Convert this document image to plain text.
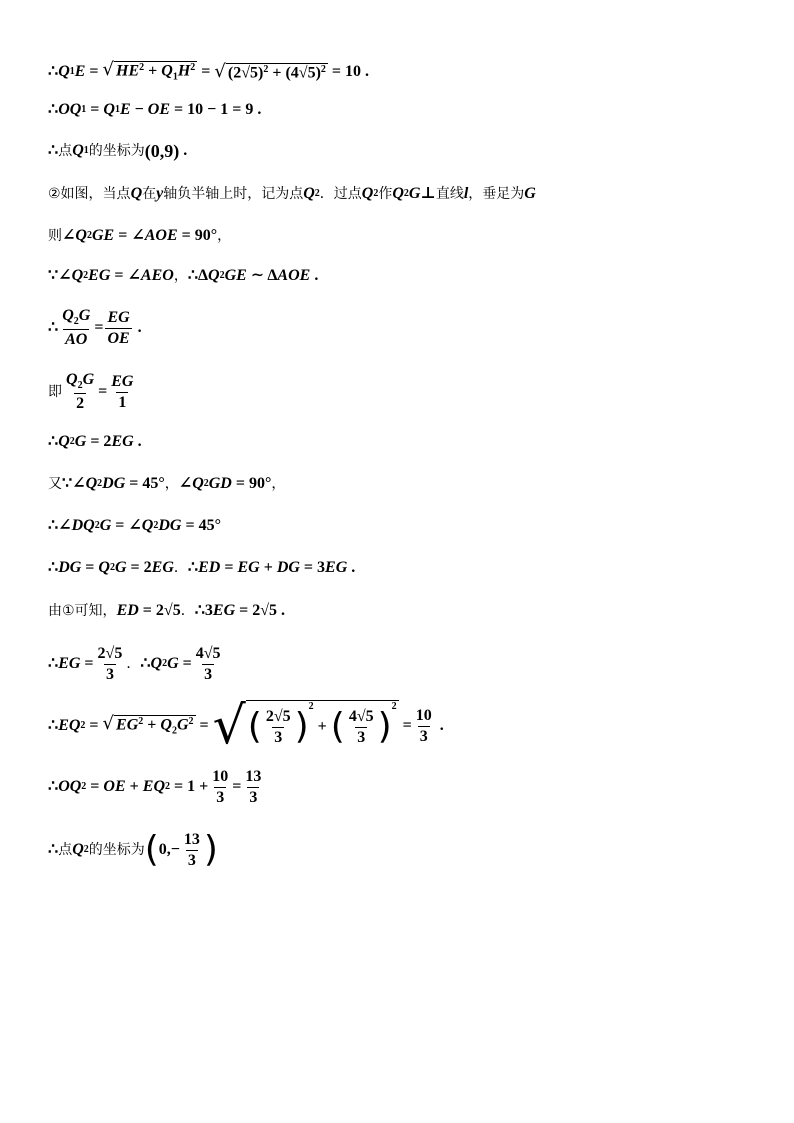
∴ Q 1 E = √ $HE^2 + Q_1H^2$ = √ $(2√5)^2 + (4√5)^2 = 10$ .
∴ OQ 1 = Q 1 E − OE = 10 − 1 = 9 .
∴ 点 Q 1 的坐标为 (0,9) .
②如图，当点 Q 在 y 轴负半轴上时，记为点 Q 2 ．过点 Q 2 作 Q 2 G ⊥ 直线 l ，垂足为 G
则 ∠ Q 2 GE = ∠ AOE = 90° ，
∵∠ Q 2 EG = ∠ AEO ， ∴Δ Q 2 GE ∼ Δ AOE .
∴ $\frac{Q_2G}{AO} = \frac{EG}{OE}$ .
即 $\frac{Q_2G}{2} = \frac{EG}{1}$
∴ Q 2 G = 2 EG .
又 ∵∠ Q 2 DG = 45° ， ∠ Q 2 GD = 90° ，
∴∠ DQ 2 G = ∠ Q 2 DG = 45°
∴ DG = Q 2 G = 2 EG ． ∴ ED = EG + DG = 3 EG .
由①可知， ED = 2√5 ． ∴3 EG = 2√5 .
∴ EG = $\frac{2√5}{3}$ ． ∴ Q 2 $G = \frac{4√5}{3}$
∴ EQ 2 = √ $EG^2 + Q_2G^2$ = √ ( $\frac{2√5}{3} )^2$
+ ( $\frac{4√5}{3} )^2$
= $\frac{10}{3}$ .
∴ OQ 2 = OE + EQ $2 = 1 + \frac{10}{3} = \frac{13}{3}$
∴ 点 Q 2 的坐标为 ( $0,- \frac{13}{3}$ )
